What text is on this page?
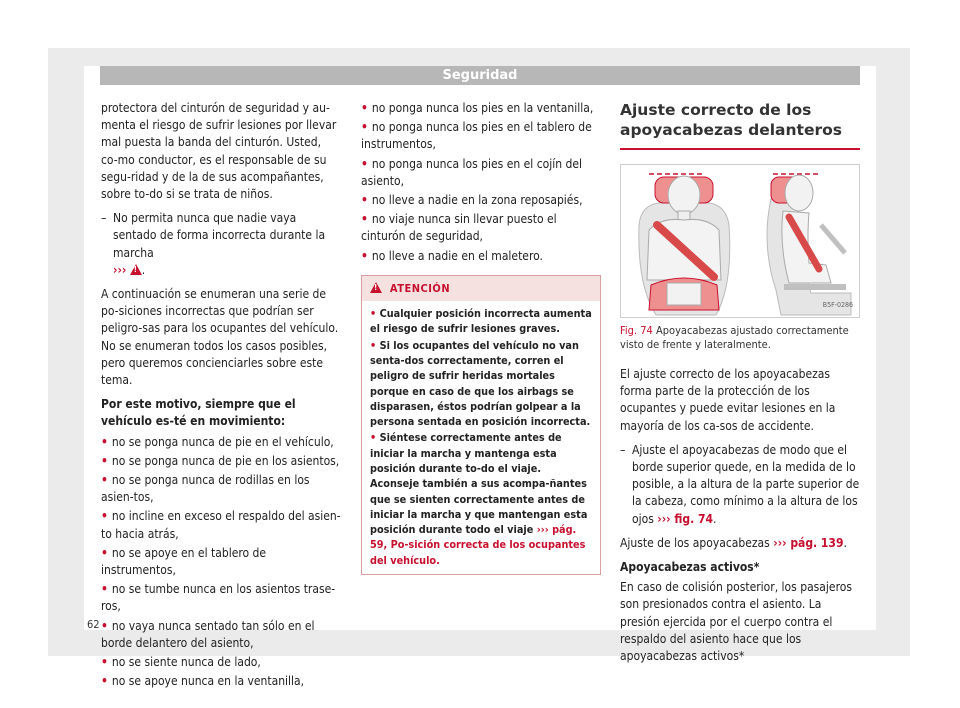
Seguridad

protectora del cinturón de seguridad y au-menta el riesgo de sufrir lesiones por llevar mal puesta la banda del cinturón. Usted, co-mo conductor, es el responsable de su segu-ridad y de la de sus acompañantes, sobre to-do si se trata de niños.

– No permita nunca que nadie vaya sentado de forma incorrecta durante la marcha
››› ! .

A continuación se enumeran una serie de po-siciones incorrectas que podrían ser peligro-sas para los ocupantes del vehículo. No se enumeran todos los casos posibles, pero queremos concienciarles sobre este tema.

Por este motivo, siempre que el vehículo es-té en movimiento:
• no se ponga nunca de pie en el vehículo,
• no se ponga nunca de pie en los asientos,
• no se ponga nunca de rodillas en los asien-tos,
• no incline en exceso el respaldo del asien-to hacia atrás,
• no se apoye en el tablero de instrumentos,
• no se tumbe nunca en los asientos trase-ros,
• no vaya nunca sentado tan sólo en el borde delantero del asiento,
• no se siente nunca de lado,
• no se apoye nunca en la ventanilla,
• no ponga nunca los pies en la ventanilla,
• no ponga nunca los pies en el tablero de instrumentos,
• no ponga nunca los pies en el cojín del asiento,
• no lleve a nadie en la zona reposapiés,
• no viaje nunca sin llevar puesto el cinturón de seguridad,
• no lleve a nadie en el maletero.
!  ATENCIÓN
• Cualquier posición incorrecta aumenta el riesgo de sufrir lesiones graves.
• Si los ocupantes del vehículo no van senta-dos correctamente, corren el peligro de sufrir heridas mortales porque en caso de que los airbags se disparasen, éstos podrían golpear a la persona sentada en posición incorrecta.
• Siéntese correctamente antes de iniciar la marcha y mantenga esta posición durante to-do el viaje. Aconseje también a sus acompa-ñantes que se sienten correctamente antes de iniciar la marcha y que mantengan esta posición durante todo el viaje ››› pág. 59, Po-sición correcta de los ocupantes del vehículo.
Ajuste correcto de los apoyacabezas delanteros
B5F-0286
Fig. 74 Apoyacabezas ajustado correctamente visto de frente y lateralmente.

El ajuste correcto de los apoyacabezas forma parte de la protección de los ocupantes y puede evitar lesiones en la mayoría de los ca-sos de accidente.

– Ajuste el apoyacabezas de modo que el borde superior quede, en la medida de lo posible, a la altura de la parte superior de la cabeza, como mínimo a la altura de los ojos ››› fig. 74.

Ajuste de los apoyacabezas ››› pág. 139.

Apoyacabezas activos*

En caso de colisión posterior, los pasajeros son presionados contra el asiento. La presión ejercida por el cuerpo contra el respaldo del asiento hace que los apoyacabezas activos*

62
